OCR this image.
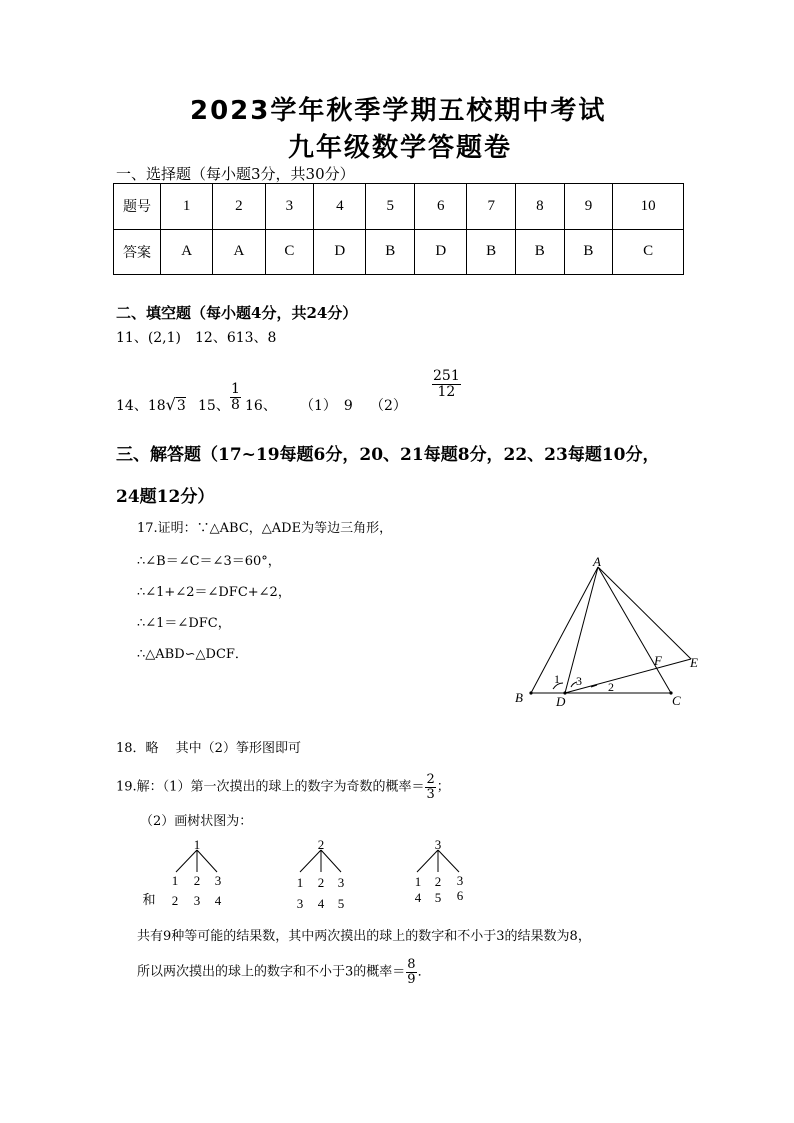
2023学年秋季学期五校期中考试
九年级数学答题卷
一、选择题（每小题3分，共30分）
题号	1	2	3	4	5	6	7	8	9	10
答案	A	A	C	D	B	D	B	B	B	C
二、填空题（每小题4分，共24分）
11、(2,1)　12、613、8
14、18√3 15、 $\frac{1}{8} 16$、 （1）　9 （2）
$\frac{251}{12}$
三、解答题（17~19每题6分，20、21每题8分，22、23每题10分，
24题12分）
17.证明：∵△ABC，△ADE为等边三角形，
∴∠B＝∠C＝∠3＝60°，
∴∠1+∠2＝∠DFC+∠2，
∴∠1＝∠DFC，
∴△ABD∽△DCF．
A
B	C
D
E
F
1 3 2
18．略　 其中（2）筝形图即可
19.解：（1）第一次摸出的球上的数字为奇数的概率＝ $\frac{2}{3}$ ；
（2）画树状图为：
1	2	3
1 2 3	1 2 3	1 2 3
和 2 3 4	3 4 5	4 5 6
共有9种等可能的结果数，其中两次摸出的球上的数字和不小于3的结果数为8，
所以两次摸出的球上的数字和不小于3的概率＝ $\frac{8}{9}$ ．
